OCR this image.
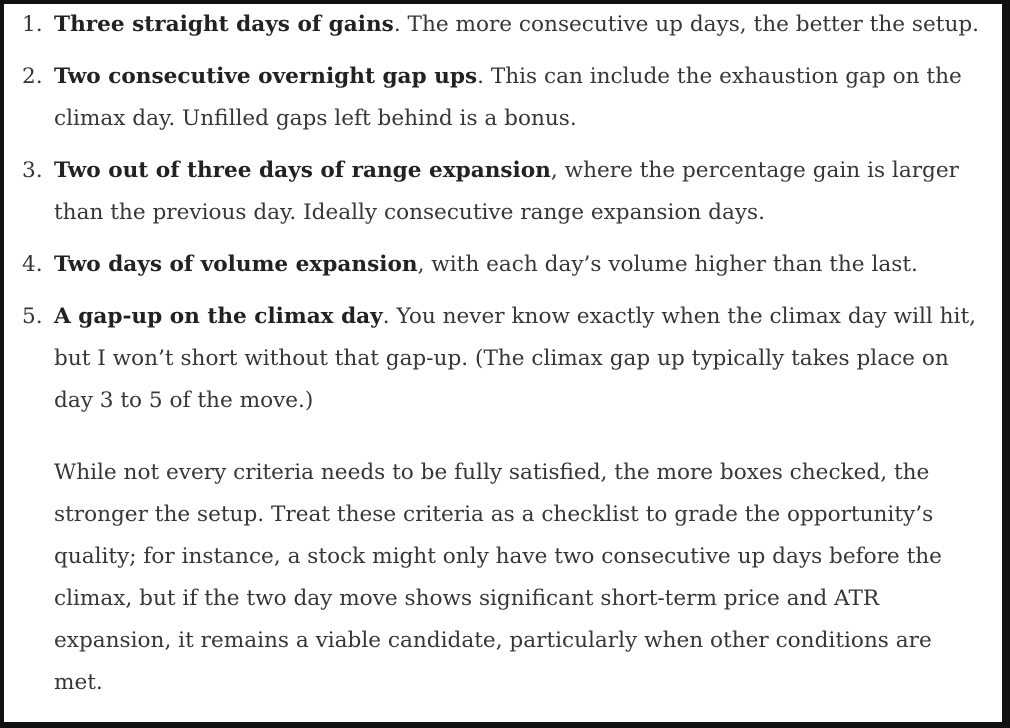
1. Three straight days of gains. The more consecutive up days, the better the setup.
2. Two consecutive overnight gap ups. This can include the exhaustion gap on the
climax day. Unfilled gaps left behind is a bonus.
3. Two out of three days of range expansion, where the percentage gain is larger
than the previous day. Ideally consecutive range expansion days.
4. Two days of volume expansion, with each day’s volume higher than the last.
5. A gap-up on the climax day. You never know exactly when the climax day will hit,
but I won’t short without that gap-up. (The climax gap up typically takes place on
day 3 to 5 of the move.)

While not every criteria needs to be fully satisfied, the more boxes checked, the
stronger the setup. Treat these criteria as a checklist to grade the opportunity’s
quality; for instance, a stock might only have two consecutive up days before the
climax, but if the two day move shows significant short-term price and ATR
expansion, it remains a viable candidate, particularly when other conditions are
met.
